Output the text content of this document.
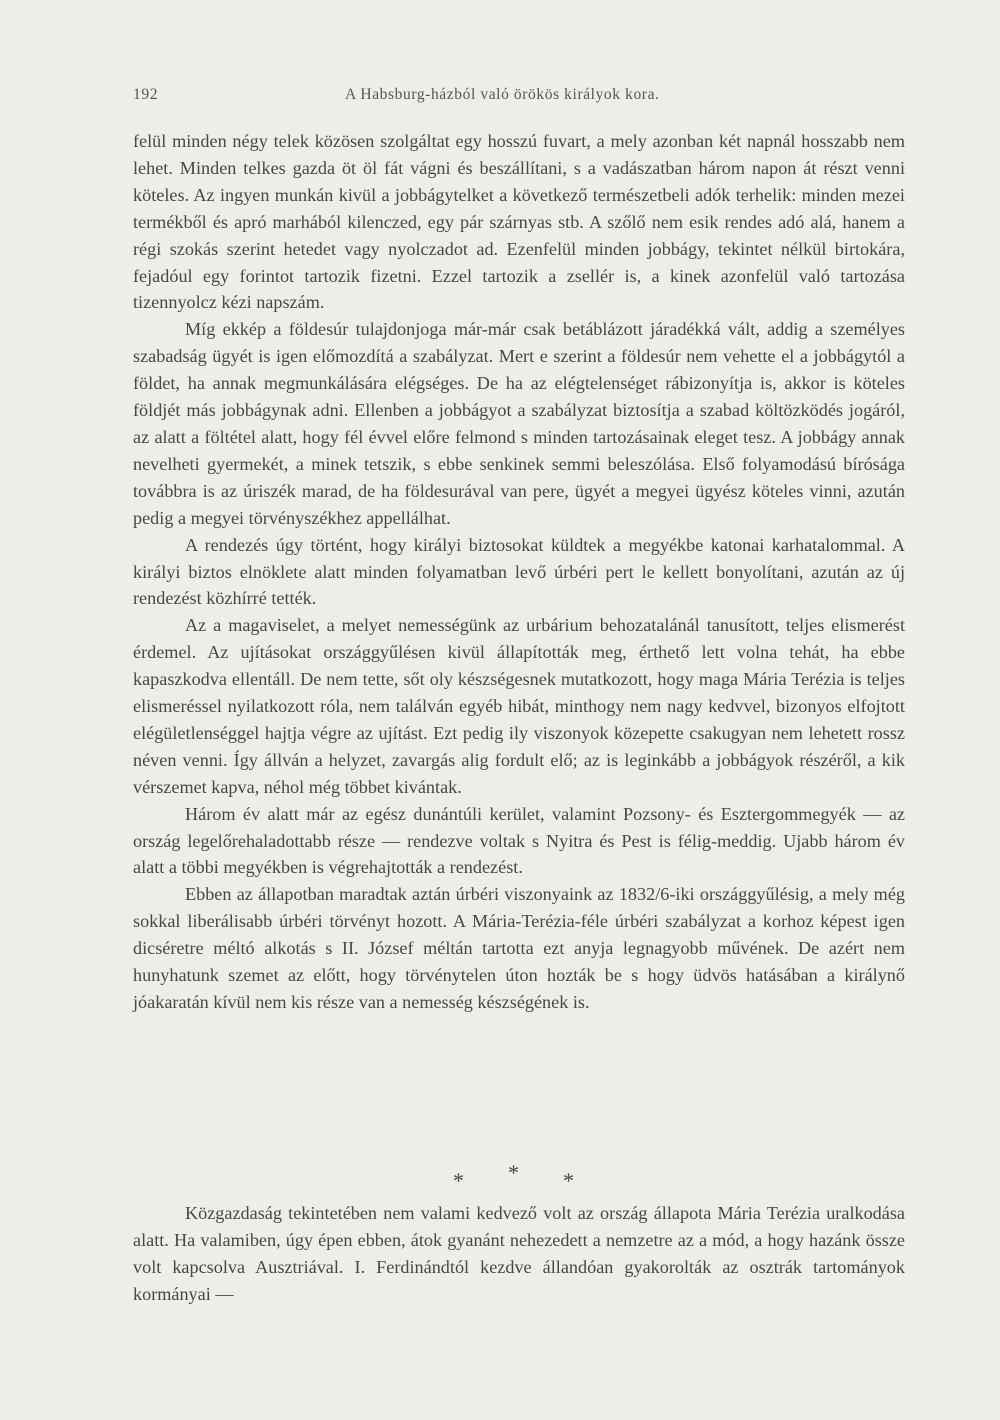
192	A Habsburg-házból való örökös királyok kora.

felül minden négy telek közösen szolgáltat egy hosszú fuvart, a mely azonban két napnál hosszabb nem lehet. Minden telkes gazda öt öl fát vágni és beszállítani, s a vadászatban három napon át részt venni köteles. Az ingyen munkán kivül a jobbágytelket a következő természetbeli adók terhelik: minden mezei termékből és apró marhából kilenczed, egy pár szárnyas stb. A szőlő nem esik rendes adó alá, hanem a régi szokás szerint hetedet vagy nyolczadot ad. Ezenfelül minden jobbágy, tekintet nélkül birtokára, fejadóul egy forintot tartozik fizetni. Ezzel tartozik a zsellér is, a kinek azonfelül való tartozása tizennyolcz kézi napszám.

Míg ekkép a földesúr tulajdonjoga már-már csak betáblázott járadékká vált, addig a személyes szabadság ügyét is igen előmozdítá a szabályzat. Mert e szerint a földesúr nem vehette el a jobbágytól a földet, ha annak megmunkálására elégséges. De ha az elégtelenséget rábizonyítja is, akkor is köteles földjét más jobbágynak adni. Ellenben a jobbágyot a szabályzat biztosítja a szabad költözködés jogáról, az alatt a föltétel alatt, hogy fél évvel előre felmond s minden tartozásainak eleget tesz. A jobbágy annak nevelheti gyermekét, a minek tetszik, s ebbe senkinek semmi beleszólása. Első folyamodású bírósága továbbra is az úriszék marad, de ha földesurával van pere, ügyét a megyei ügyész köteles vinni, azután pedig a megyei törvényszékhez appellálhat.

A rendezés úgy történt, hogy királyi biztosokat küldtek a megyékbe katonai karhatalommal. A királyi biztos elnöklete alatt minden folyamatban levő úrbéri pert le kellett bonyolítani, azután az új rendezést közhírré tették.

Az a magaviselet, a melyet nemességünk az urbárium behozatalánál tanusított, teljes elismerést érdemel. Az ujításokat országgyűlésen kivül állapították meg, érthető lett volna tehát, ha ebbe kapaszkodva ellentáll. De nem tette, sőt oly készségesnek mutatkozott, hogy maga Mária Terézia is teljes elismeréssel nyilatkozott róla, nem találván egyéb hibát, minthogy nem nagy kedvvel, bizonyos elfojtott elégületlenséggel hajtja végre az ujítást. Ezt pedig ily viszonyok közepette csakugyan nem lehetett rossz néven venni. Így állván a helyzet, zavargás alig fordult elő; az is leginkább a jobbágyok részéről, a kik vérszemet kapva, néhol még többet kivántak.

Három év alatt már az egész dunántúli kerület, valamint Pozsony- és Esztergommegyék — az ország legelőrehaladottabb része — rendezve voltak s Nyitra és Pest is félig-meddig. Ujabb három év alatt a többi megyékben is végrehajtották a rendezést.

Ebben az állapotban maradtak aztán úrbéri viszonyaink az 1832/6-iki országgyűlésig, a mely még sokkal liberálisabb úrbéri törvényt hozott. A Mária-Terézia-féle úrbéri szabályzat a korhoz képest igen dicséretre méltó alkotás s II. József méltán tartotta ezt anyja legnagyobb művének. De azért nem hunyhatunk szemet az előtt, hogy törvénytelen úton hozták be s hogy üdvös hatásában a királynő jóakaratán kívül nem kis része van a nemesség készségének is.

* * *

Közgazdaság tekintetében nem valami kedvező volt az ország állapota Mária Terézia uralkodása alatt. Ha valamiben, úgy épen ebben, átok gyanánt nehezedett a nemzetre az a mód, a hogy hazánk össze volt kapcsolva Ausztriával. I. Ferdinándtól kezdve állandóan gyakorolták az osztrák tartományok kormányai —
